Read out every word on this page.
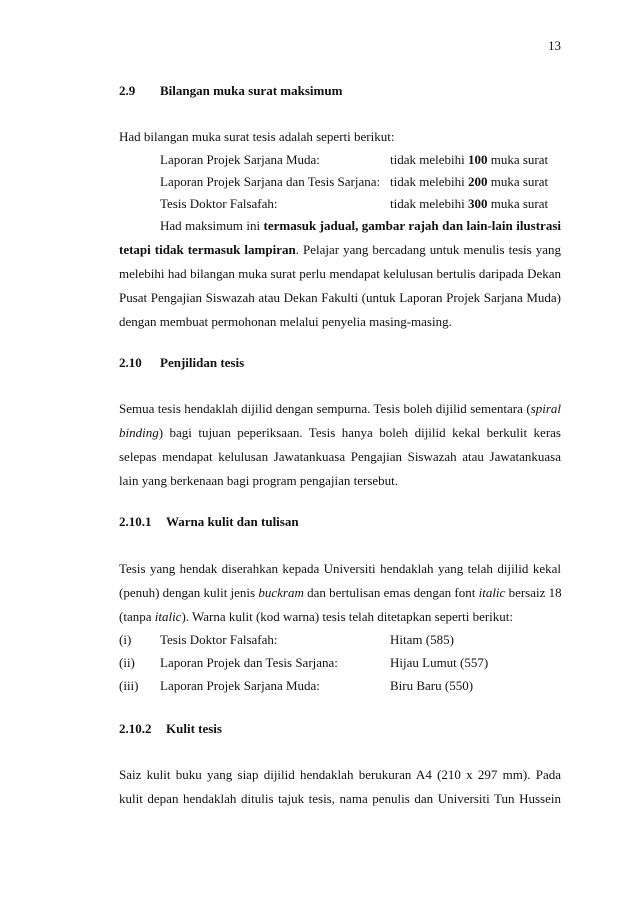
13
2.9 Bilangan muka surat maksimum
Had bilangan muka surat tesis adalah seperti berikut:
Laporan Projek Sarjana Muda:	tidak melebihi 100 muka surat
Laporan Projek Sarjana dan Tesis Sarjana: tidak melebihi 200 muka surat
Tesis Doktor Falsafah:	tidak melebihi 300 muka surat
Had maksimum ini termasuk jadual, gambar rajah dan lain-lain ilustrasi
tetapi tidak termasuk lampiran. Pelajar yang bercadang untuk menulis tesis yang
melebihi had bilangan muka surat perlu mendapat kelulusan bertulis daripada Dekan
Pusat Pengajian Siswazah atau Dekan Fakulti (untuk Laporan Projek Sarjana Muda)
dengan membuat permohonan melalui penyelia masing-masing.
2.10 Penjilidan tesis
Semua tesis hendaklah dijilid dengan sempurna. Tesis boleh dijilid sementara (spiral
binding) bagi tujuan peperiksaan. Tesis hanya boleh dijilid kekal berkulit keras
selepas mendapat kelulusan Jawatankuasa Pengajian Siswazah atau Jawatankuasa
lain yang berkenaan bagi program pengajian tersebut.
2.10.1 Warna kulit dan tulisan
Tesis yang hendak diserahkan kepada Universiti hendaklah yang telah dijilid kekal
(penuh) dengan kulit jenis buckram dan bertulisan emas dengan font italic bersaiz 18
(tanpa italic). Warna kulit (kod warna) tesis telah ditetapkan seperti berikut:
(i) Tesis Doktor Falsafah:	Hitam (585)
(ii) Laporan Projek dan Tesis Sarjana:	Hijau Lumut (557)
(iii) Laporan Projek Sarjana Muda:	Biru Baru (550)
2.10.2 Kulit tesis
Saiz kulit buku yang siap dijilid hendaklah berukuran A4 (210 x 297 mm). Pada
kulit depan hendaklah ditulis tajuk tesis, nama penulis dan Universiti Tun Hussein
